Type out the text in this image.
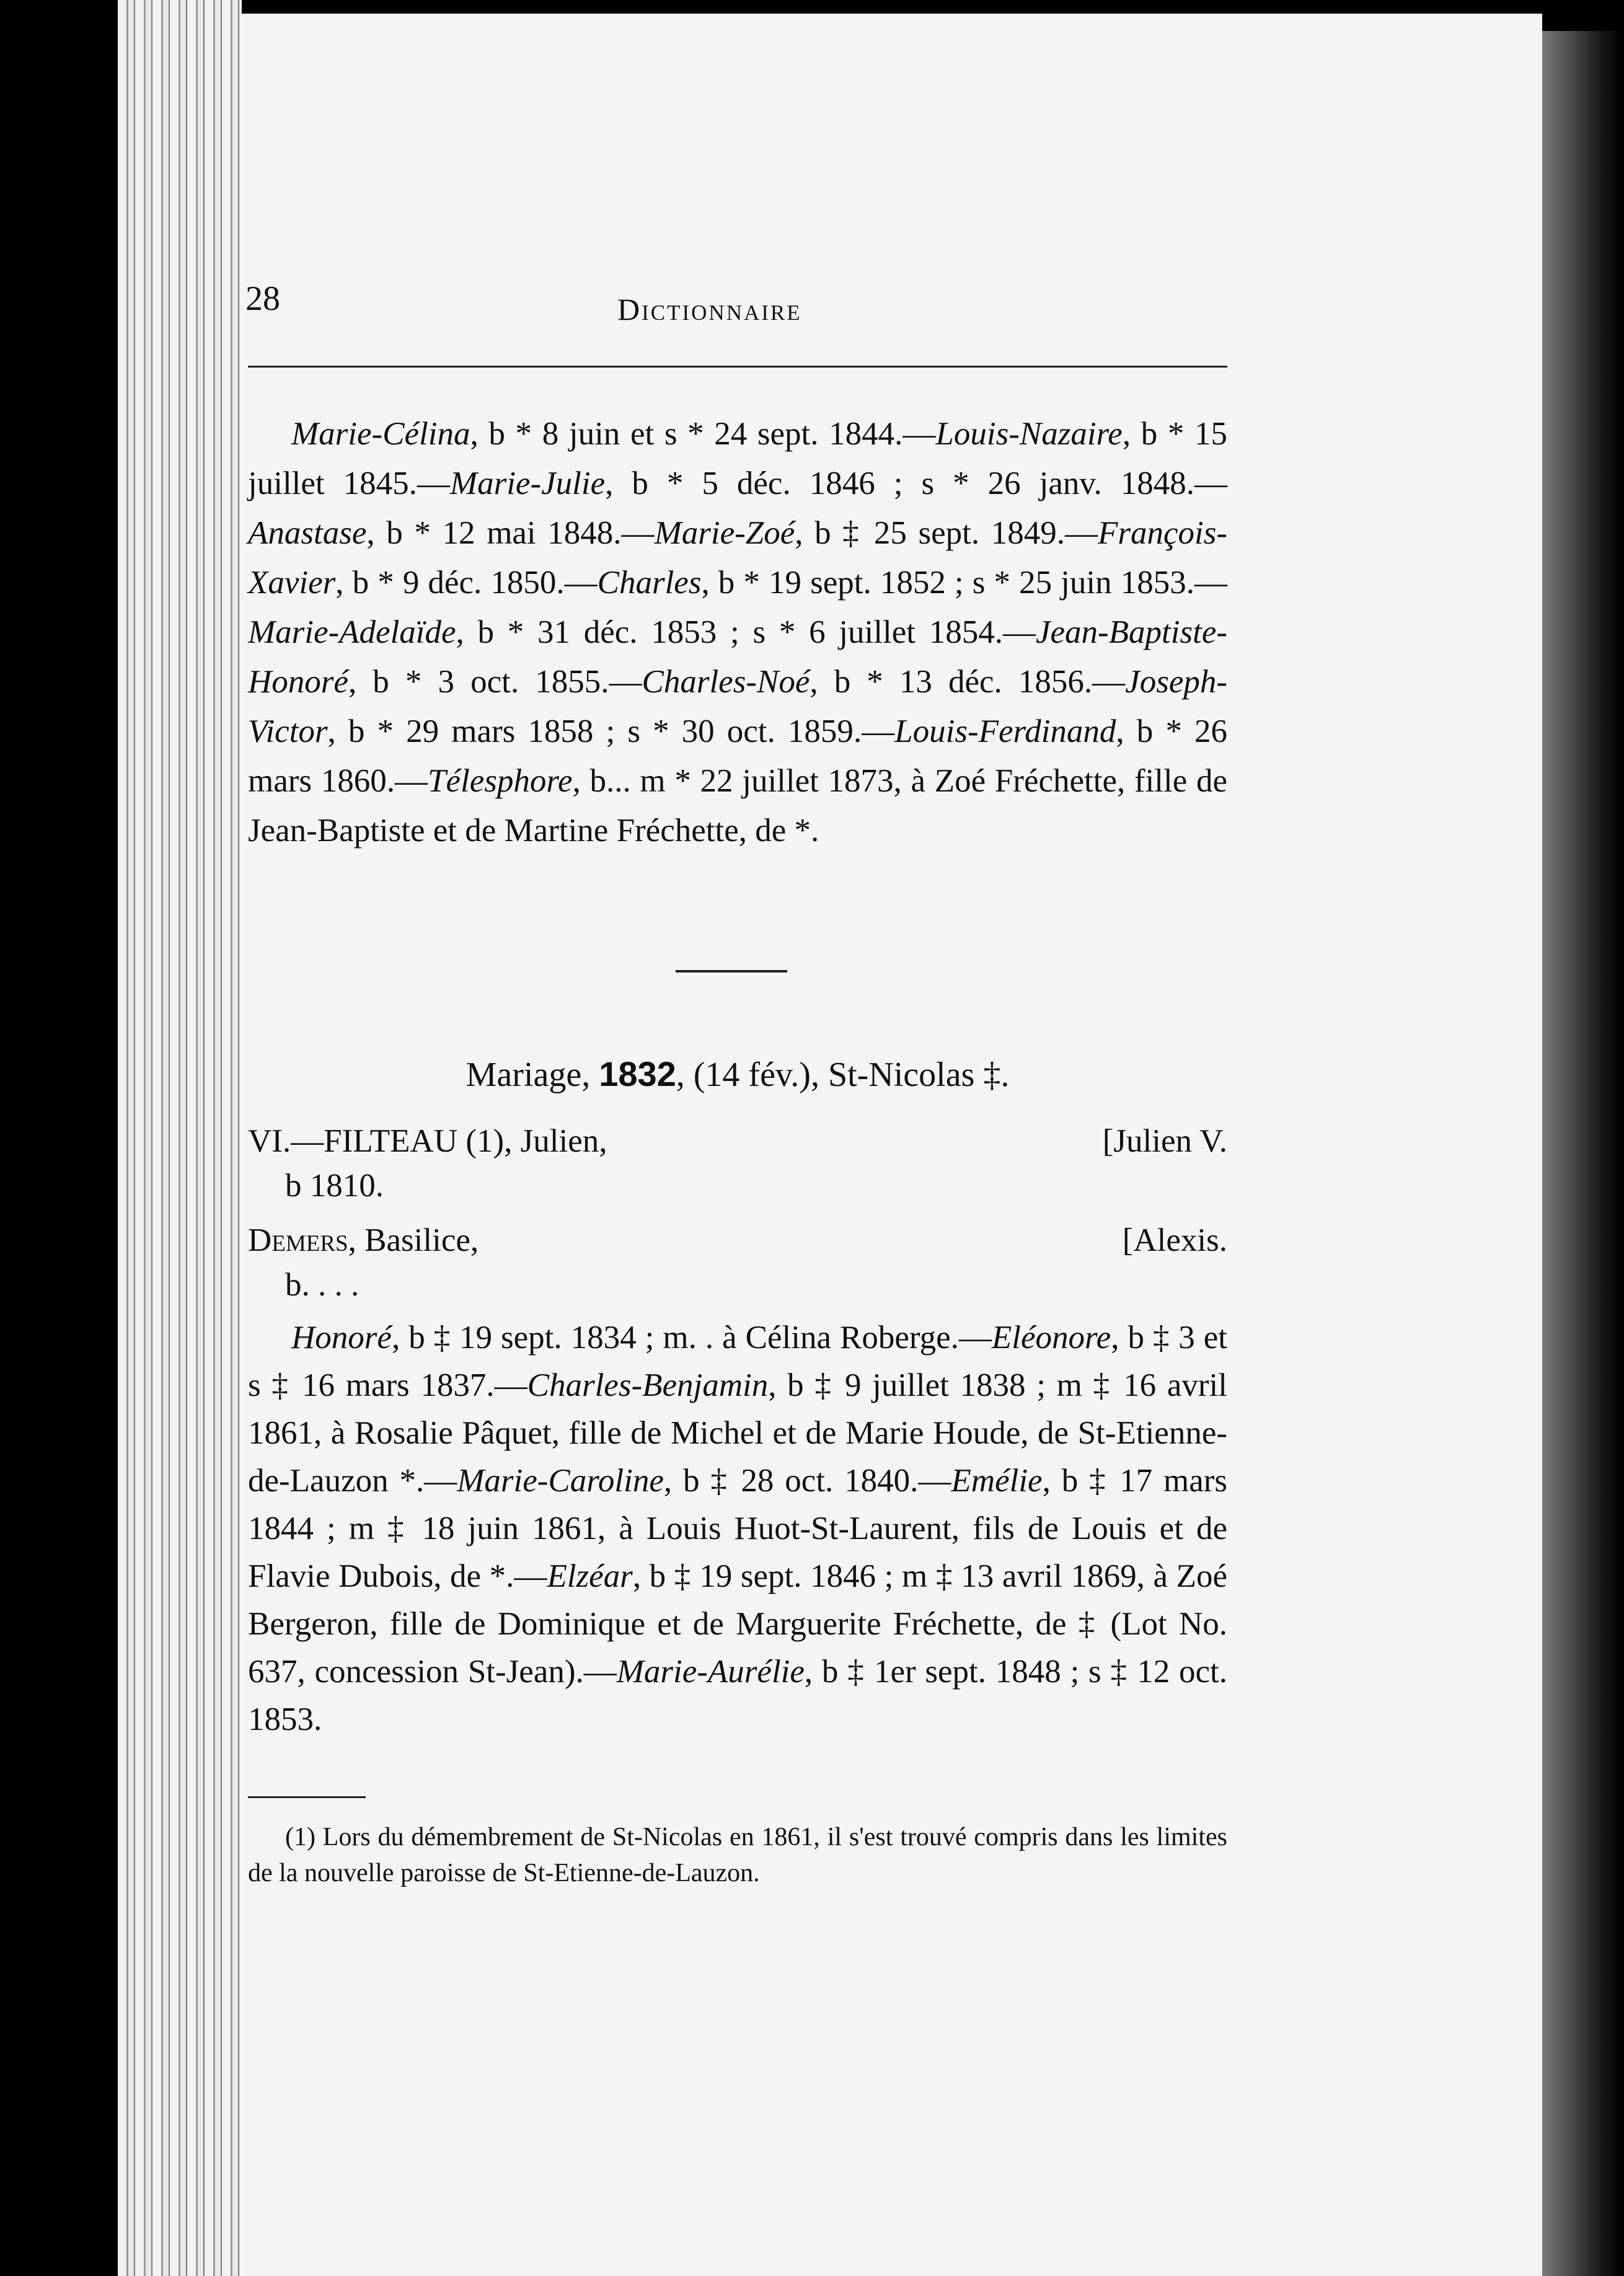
28	Dictionnaire
Marie-Célina, b * 8 juin et s * 24 sept. 1844.—Louis-Nazaire, b * 15 juillet 1845.—Marie-Julie, b * 5 déc. 1846 ; s * 26 janv. 1848.—Anastase, b * 12 mai 1848.—Marie-Zoé, b ‡ 25 sept. 1849.—François-Xavier, b * 9 déc. 1850.—Charles, b * 19 sept. 1852 ; s * 25 juin 1853.—Marie-Adelaïde, b * 31 déc. 1853 ; s * 6 juillet 1854.—Jean-Baptiste-Honoré, b * 3 oct. 1855.—Charles-Noé, b * 13 déc. 1856.—Joseph-Victor, b * 29 mars 1858 ; s * 30 oct. 1859.—Louis-Ferdinand, b * 26 mars 1860.—Télesphore, b... m * 22 juillet 1873, à Zoé Fréchette, fille de Jean-Baptiste et de Martine Fréchette, de *.
Mariage, 1832, (14 fév.), St-Nicolas ‡.
VI.—FILTEAU (1), Julien,	[Julien V.
b 1810.
Demers, Basilice,	[Alexis.
b. . . .
Honoré, b ‡ 19 sept. 1834 ; m. . à Célina Roberge.—Eléonore, b ‡ 3 et s ‡ 16 mars 1837.—Charles-Benjamin, b ‡ 9 juillet 1838 ; m ‡ 16 avril 1861, à Rosalie Pâquet, fille de Michel et de Marie Houde, de St-Etienne-de-Lauzon *.—Marie-Caroline, b ‡ 28 oct. 1840.—Emélie, b ‡ 17 mars 1844 ; m ‡ 18 juin 1861, à Louis Huot-St-Laurent, fils de Louis et de Flavie Dubois, de *.—Elzéar, b ‡ 19 sept. 1846 ; m ‡ 13 avril 1869, à Zoé Bergeron, fille de Dominique et de Marguerite Fréchette, de ‡ (Lot No. 637, concession St-Jean).—Marie-Aurélie, b ‡ 1er sept. 1848 ; s ‡ 12 oct. 1853.
(1) Lors du démembrement de St-Nicolas en 1861, il s'est trouvé compris dans les limites de la nouvelle paroisse de St-Etienne-de-Lauzon.
